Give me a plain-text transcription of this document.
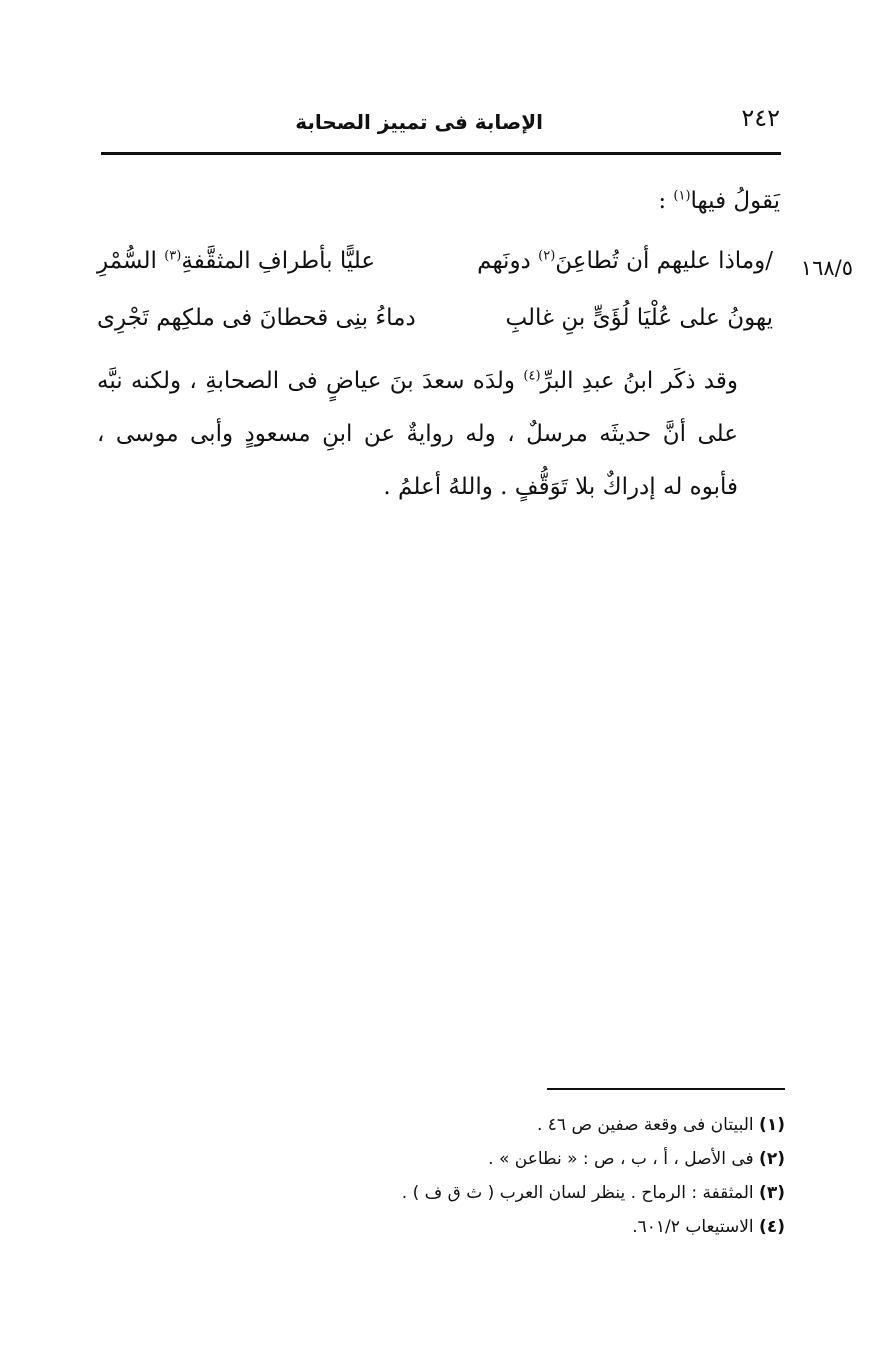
٢٤٢
الإصابة فى تمييز الصحابة
يَقولُ فيها$^{(١)}$ :
١٦٨/٥
/وماذا عليهم أن تُطاعِنَ$^{(٢)}$ دونَهم
عليًّا بأطرافِ المثقَّفةِ$^{(٣)}$ السُّمْرِ
يهونُ على عُلْيَا لُؤَىٍّ بنِ غالبِ
دماءُ بنِى قحطانَ فى ملكِهم تَجْرِى

وقد ذكَر ابنُ عبدِ البرِّ$^{(٤)}$ ولدَه سعدَ بنَ عياضٍ فى الصحابةِ ، ولكنه نبَّه على أنَّ حديثَه مرسلٌ ، وله روايةٌ عن ابنِ مسعودٍ وأبى موسى ، فأبوه له إدراكٌ بلا تَوَقُّفٍ . واللهُ أعلمُ .

(١) البيتان فى وقعة صفين ص ٤٦ .
(٢) فى الأصل ، أ ، ب ، ص : « نطاعن » .
(٣) المثقفة : الرماح . ينظر لسان العرب ( ث ق ف ) .
(٤) الاستيعاب ٦٠١/٢.
